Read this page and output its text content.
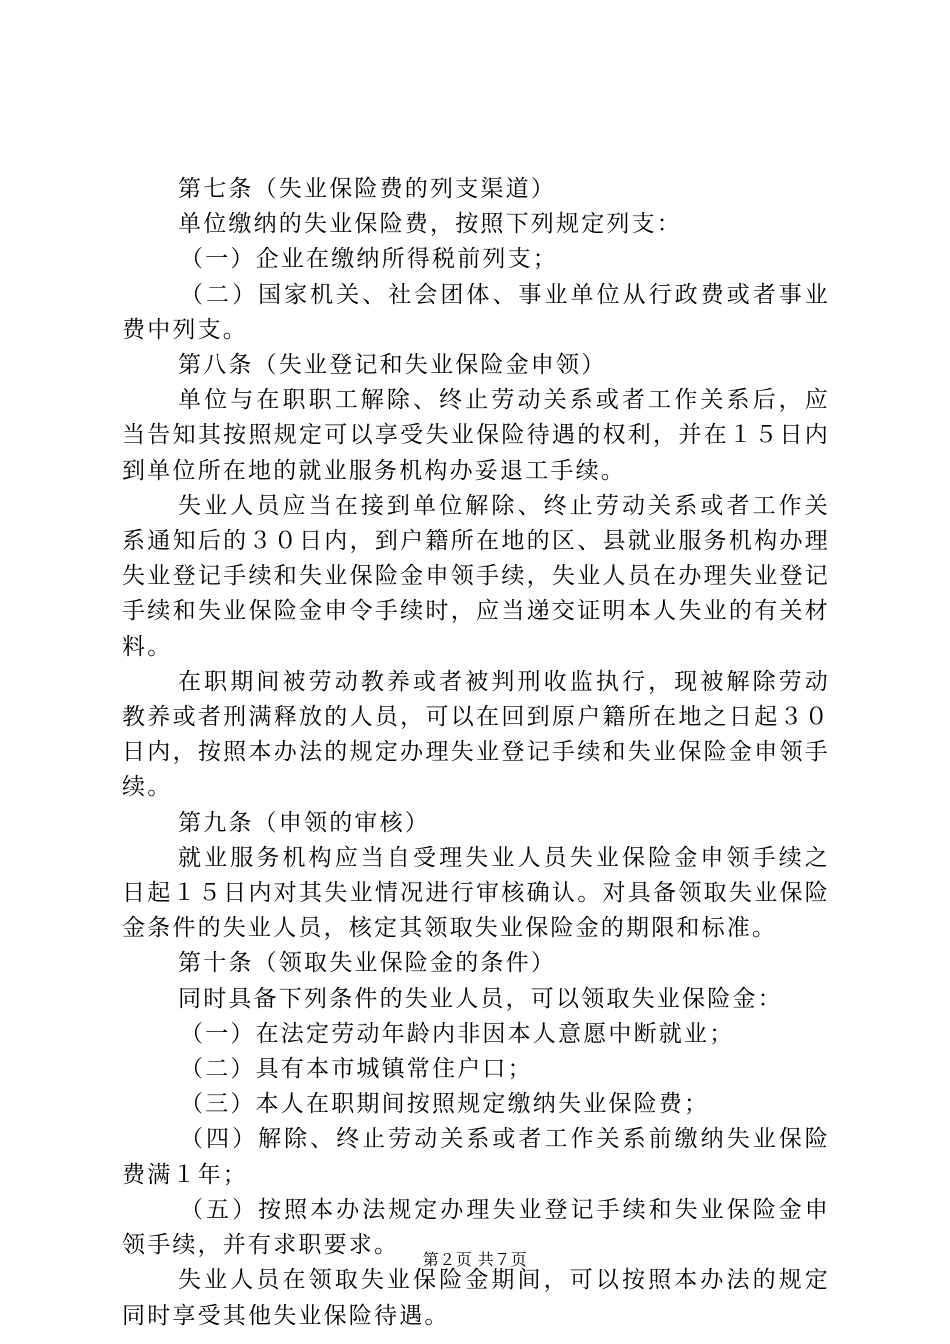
第七条（失业保险费的列支渠道）

单位缴纳的失业保险费，按照下列规定列支：

（一）企业在缴纳所得税前列支；

（二）国家机关、社会团体、事业单位从行政费或者事业费中列支。

第八条（失业登记和失业保险金申领）

单位与在职职工解除、终止劳动关系或者工作关系后，应当告知其按照规定可以享受失业保险待遇的权利，并在１５日内到单位所在地的就业服务机构办妥退工手续。

失业人员应当在接到单位解除、终止劳动关系或者工作关系通知后的３０日内，到户籍所在地的区、县就业服务机构办理失业登记手续和失业保险金申领手续，失业人员在办理失业登记手续和失业保险金申令手续时，应当递交证明本人失业的有关材料。

在职期间被劳动教养或者被判刑收监执行，现被解除劳动教养或者刑满释放的人员，可以在回到原户籍所在地之日起３０日内，按照本办法的规定办理失业登记手续和失业保险金申领手续。

第九条（申领的审核）

就业服务机构应当自受理失业人员失业保险金申领手续之日起１５日内对其失业情况进行审核确认。对具备领取失业保险金条件的失业人员，核定其领取失业保险金的期限和标准。

第十条（领取失业保险金的条件）

同时具备下列条件的失业人员，可以领取失业保险金：

（一）在法定劳动年龄内非因本人意愿中断就业；

（二）具有本市城镇常住户口；

（三）本人在职期间按照规定缴纳失业保险费；

（四）解除、终止劳动关系或者工作关系前缴纳失业保险费满１年；

（五）按照本办法规定办理失业登记手续和失业保险金申领手续，并有求职要求。

失业人员在领取失业保险金期间，可以按照本办法的规定同时享受其他失业保险待遇。

第２页 共７页
